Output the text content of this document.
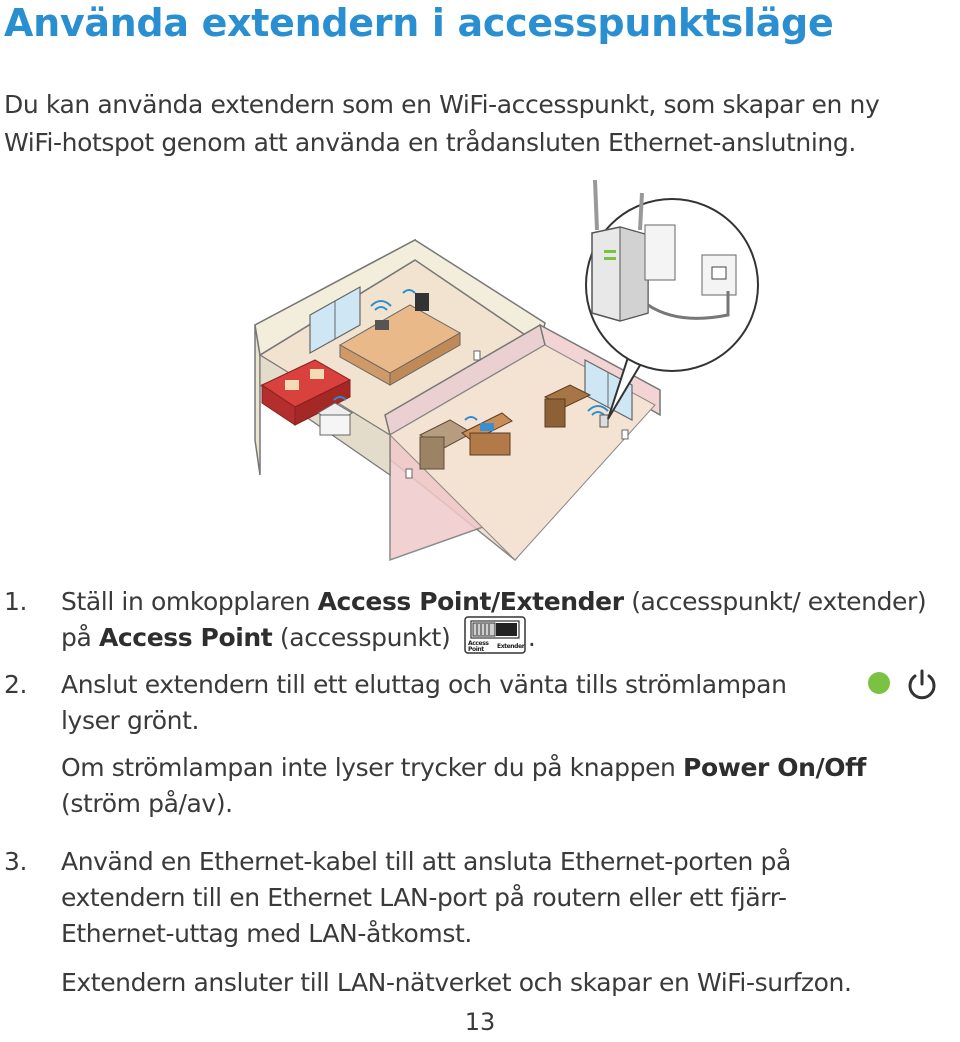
Använda extendern i accesspunktsläge
Du kan använda extendern som en WiFi-accesspunkt, som skapar en ny WiFi-hotspot genom att använda en trådansluten Ethernet-anslutning.
1. Ställ in omkopplaren Access Point/Extender (accesspunkt/ extender) på Access Point (accesspunkt) Access
Point Extender .
2. Anslut extendern till ett eluttag och vänta tills strömlampan lyser grönt.
Om strömlampan inte lyser trycker du på knappen Power On/Off
(ström på/av).
3. Använd en Ethernet-kabel till att ansluta Ethernet-porten på extendern till en Ethernet LAN-port på routern eller ett fjärr-Ethernet-uttag med LAN-åtkomst.
Extendern ansluter till LAN-nätverket och skapar en WiFi-surfzon.
13
